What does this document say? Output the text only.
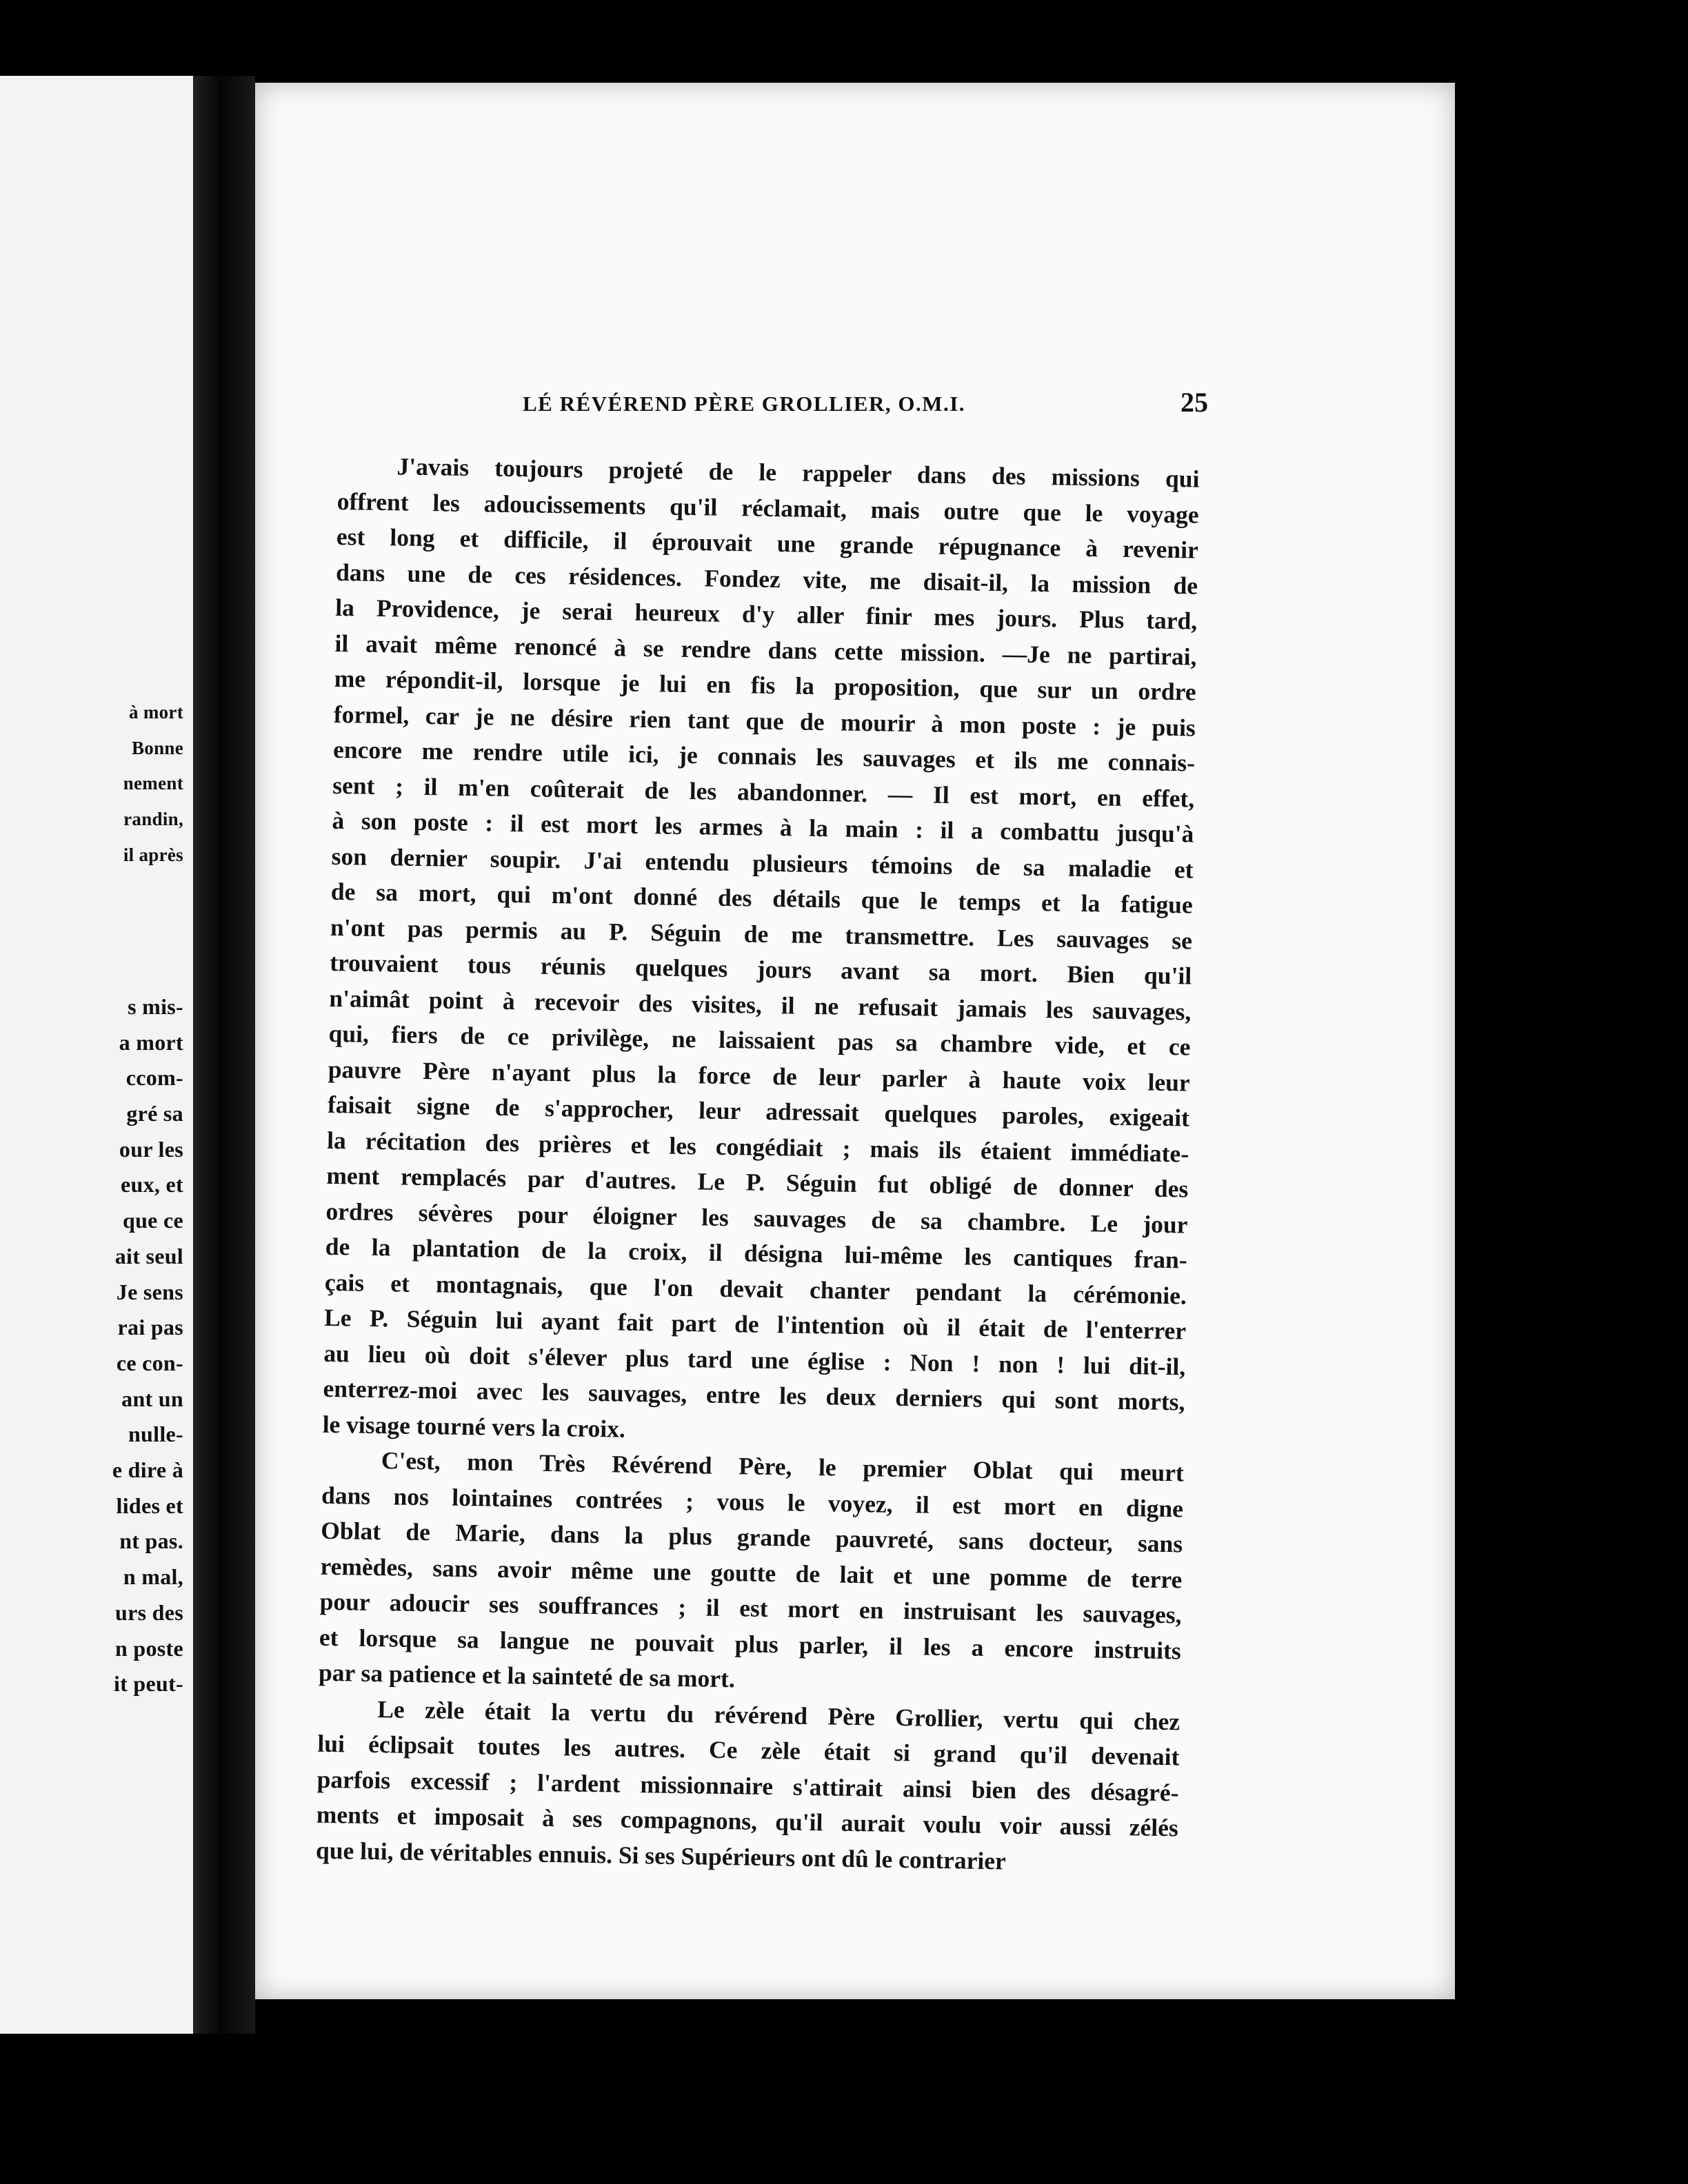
à mort
Bonne
nement
randin,
il après
s mis-
a mort
ccom-
gré sa
our les
eux, et
que ce
ait seul
Je sens
rai pas
ce con-
ant un
nulle-
e dire à
lides et
nt pas.
n mal,
urs des
n poste
it peut-
LÉ RÉVÉREND PÈRE GROLLIER, O.M.I.	25

J'avais toujours projeté de le rappeler dans des missions qui
offrent les adoucissements qu'il réclamait, mais outre que le voyage
est long et difficile, il éprouvait une grande répugnance à revenir
dans une de ces résidences. Fondez vite, me disait-il, la mission de
la Providence, je serai heureux d'y aller finir mes jours. Plus tard,
il avait même renoncé à se rendre dans cette mission. —Je ne partirai,
me répondit-il, lorsque je lui en fis la proposition, que sur un ordre
formel, car je ne désire rien tant que de mourir à mon poste : je puis
encore me rendre utile ici, je connais les sauvages et ils me connais-
sent ; il m'en coûterait de les abandonner. — Il est mort, en effet,
à son poste : il est mort les armes à la main : il a combattu jusqu'à
son dernier soupir. J'ai entendu plusieurs témoins de sa maladie et
de sa mort, qui m'ont donné des détails que le temps et la fatigue
n'ont pas permis au P. Séguin de me transmettre. Les sauvages se
trouvaient tous réunis quelques jours avant sa mort. Bien qu'il
n'aimât point à recevoir des visites, il ne refusait jamais les sauvages,
qui, fiers de ce privilège, ne laissaient pas sa chambre vide, et ce
pauvre Père n'ayant plus la force de leur parler à haute voix leur
faisait signe de s'approcher, leur adressait quelques paroles, exigeait
la récitation des prières et les congédiait ; mais ils étaient immédiate-
ment remplacés par d'autres. Le P. Séguin fut obligé de donner des
ordres sévères pour éloigner les sauvages de sa chambre. Le jour
de la plantation de la croix, il désigna lui-même les cantiques fran-
çais et montagnais, que l'on devait chanter pendant la cérémonie.
Le P. Séguin lui ayant fait part de l'intention où il était de l'enterrer
au lieu où doit s'élever plus tard une église : Non ! non ! lui dit-il,
enterrez-moi avec les sauvages, entre les deux derniers qui sont morts,
le visage tourné vers la croix.

C'est, mon Très Révérend Père, le premier Oblat qui meurt
dans nos lointaines contrées ; vous le voyez, il est mort en digne
Oblat de Marie, dans la plus grande pauvreté, sans docteur, sans
remèdes, sans avoir même une goutte de lait et une pomme de terre
pour adoucir ses souffrances ; il est mort en instruisant les sauvages,
et lorsque sa langue ne pouvait plus parler, il les a encore instruits
par sa patience et la sainteté de sa mort.

Le zèle était la vertu du révérend Père Grollier, vertu qui chez
lui éclipsait toutes les autres. Ce zèle était si grand qu'il devenait
parfois excessif ; l'ardent missionnaire s'attirait ainsi bien des désagré-
ments et imposait à ses compagnons, qu'il aurait voulu voir aussi zélés
que lui, de véritables ennuis. Si ses Supérieurs ont dû le contrarier
